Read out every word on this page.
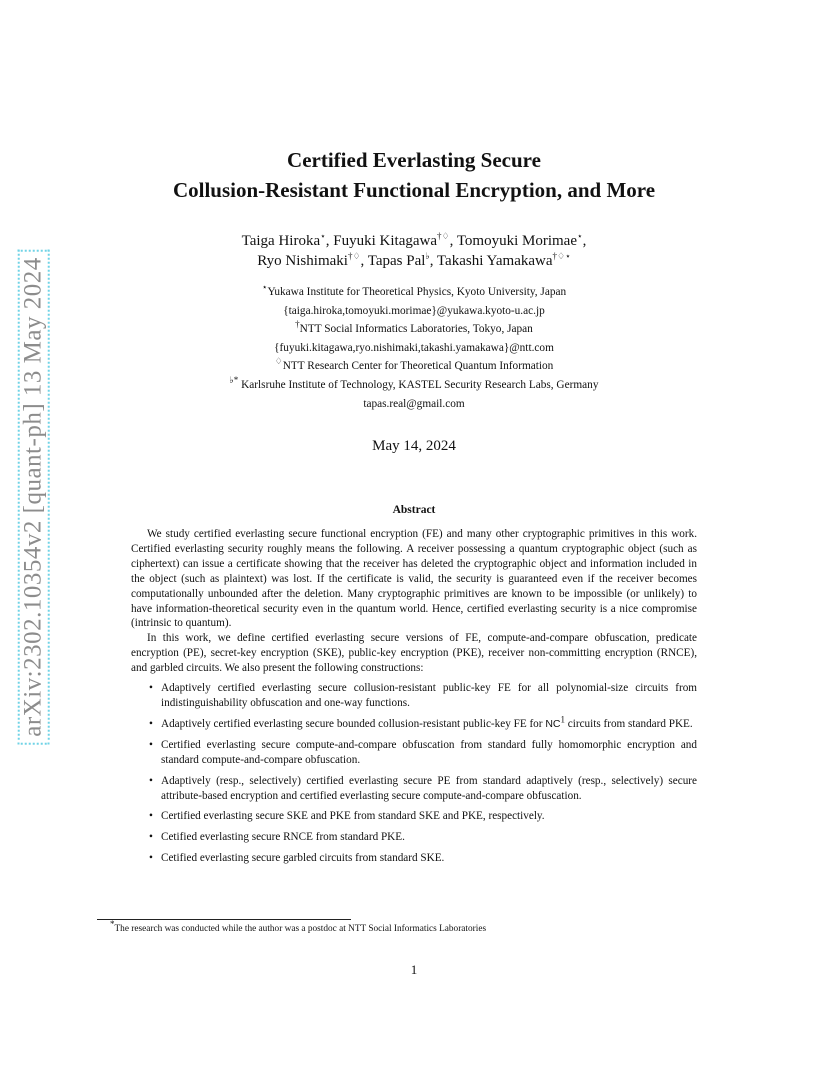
arXiv:2302.10354v2 [quant-ph] 13 May 2024
Certified Everlasting Secure
Collusion-Resistant Functional Encryption, and More
Taiga Hiroka⋆, Fuyuki Kitagawa†♢, Tomoyuki Morimae⋆,
Ryo Nishimaki†♢, Tapas Pal♭, Takashi Yamakawa†♢⋆
⋆Yukawa Institute for Theoretical Physics, Kyoto University, Japan
{taiga.hiroka,tomoyuki.morimae}@yukawa.kyoto-u.ac.jp
†NTT Social Informatics Laboratories, Tokyo, Japan
{fuyuki.kitagawa,ryo.nishimaki,takashi.yamakawa}@ntt.com
♢NTT Research Center for Theoretical Quantum Information
♭* Karlsruhe Institute of Technology, KASTEL Security Research Labs, Germany
tapas.real@gmail.com
May 14, 2024
Abstract

We study certified everlasting secure functional encryption (FE) and many other cryptographic primitives in this work. Certified everlasting security roughly means the following. A receiver possessing a quantum cryptographic object (such as ciphertext) can issue a certificate showing that the receiver has deleted the cryptographic object and information included in the object (such as plaintext) was lost. If the certificate is valid, the security is guaranteed even if the receiver becomes computationally unbounded after the deletion. Many cryptographic primitives are known to be impossible (or unlikely) to have information-theoretical security even in the quantum world. Hence, certified everlasting security is a nice compromise (intrinsic to quantum).

In this work, we define certified everlasting secure versions of FE, compute-and-compare obfuscation, predicate encryption (PE), secret-key encryption (SKE), public-key encryption (PKE), receiver non-committing encryption (RNCE), and garbled circuits. We also present the following constructions:

• Adaptively certified everlasting secure collusion-resistant public-key FE for all polynomial-size circuits from indistinguishability obfuscation and one-way functions.
• Adaptively certified everlasting secure bounded collusion-resistant public-key FE for $NC^1$ circuits from standard PKE.
• Certified everlasting secure compute-and-compare obfuscation from standard fully homomorphic encryption and standard compute-and-compare obfuscation.
• Adaptively (resp., selectively) certified everlasting secure PE from standard adaptively (resp., selectively) secure attribute-based encryption and certified everlasting secure compute-and-compare obfuscation.
• Certified everlasting secure SKE and PKE from standard SKE and PKE, respectively.
• Cetified everlasting secure RNCE from standard PKE.
• Cetified everlasting secure garbled circuits from standard SKE.
*The research was conducted while the author was a postdoc at NTT Social Informatics Laboratories
1
